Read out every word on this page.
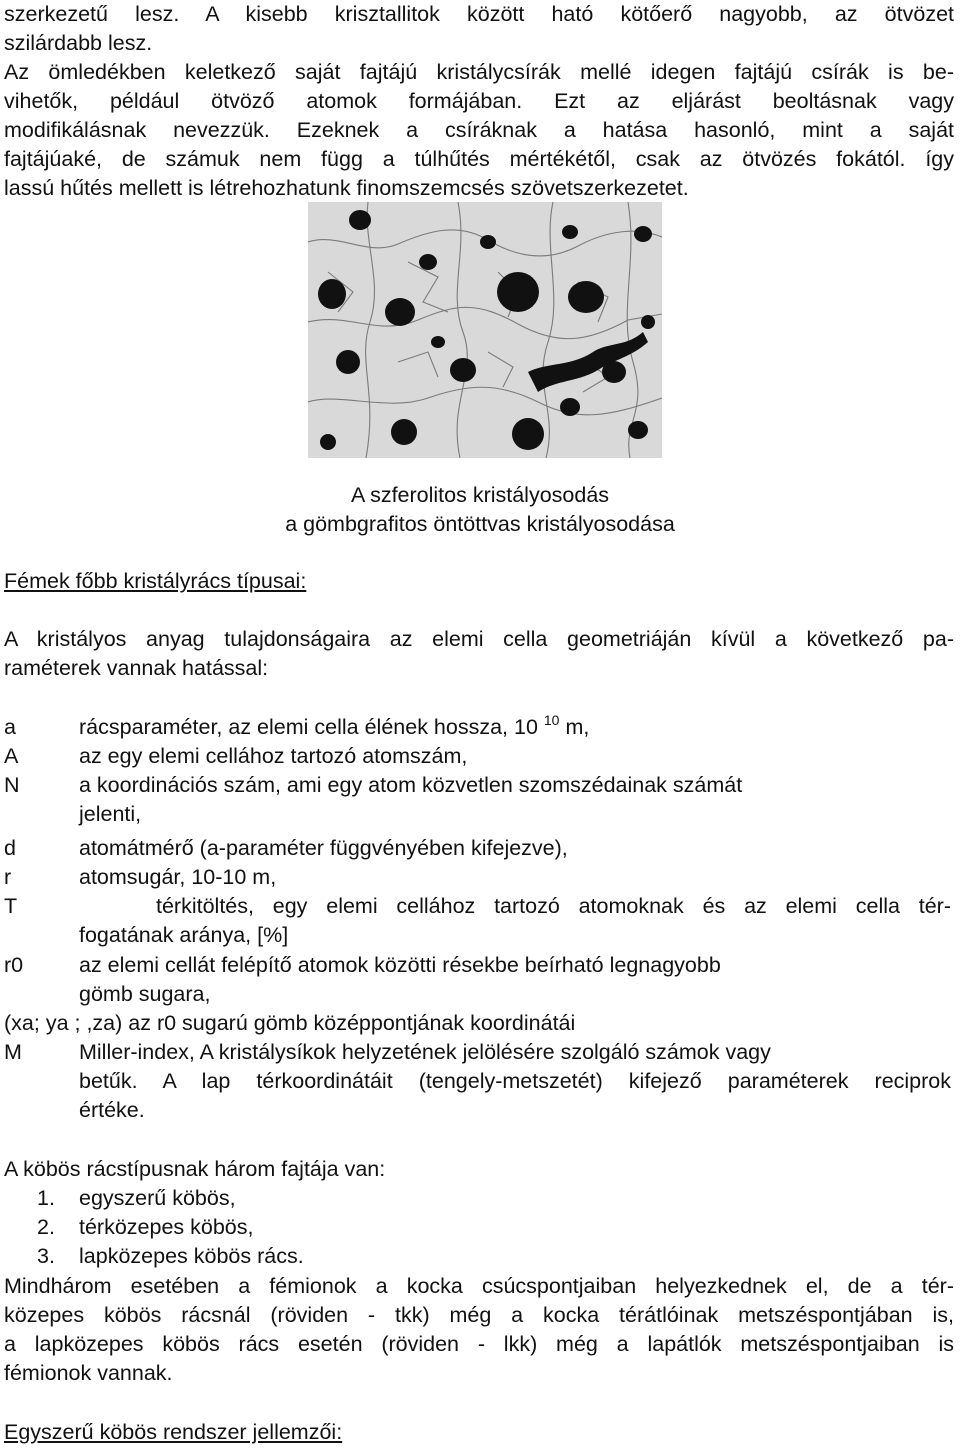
szerkezetű lesz. A kisebb krisztallitok között ható kötőerő nagyobb, az ötvözet
szilárdabb lesz.
Az ömledékben keletkező saját fajtájú kristálycsírák mellé idegen fajtájú csírák is be-
vihetők, például ötvöző atomok formájában. Ezt az eljárást beoltásnak vagy
modifikálásnak nevezzük. Ezeknek a csíráknak a hatása hasonló, mint a saját
fajtájúaké, de számuk nem függ a túlhűtés mértékétől, csak az ötvözés fokától. így
lassú hűtés mellett is létrehozhatunk finomszemcsés szövetszerkezetet.
A szferolitos kristályosodás
a gömbgrafitos öntöttvas kristályosodása
Fémek főbb kristályrács típusai:
A kristályos anyag tulajdonságaira az elemi cella geometriáján kívül a következő pa-
raméterek vannak hatással:
a	rácsparaméter, az elemi cella élének hossza, 10 $^{10}$ m,
A	az egy elemi cellához tartozó atomszám,
N	a koordinációs szám, ami egy atom közvetlen szomszédainak számát
jelenti,
d	atomátmérő (a-paraméter függvényében kifejezve),
r	atomsugár, 10-10 m,
T	térkitöltés, egy elemi cellához tartozó atomoknak és az elemi cella tér-
fogatának aránya, [%]
r0	az elemi cellát felépítő atomok közötti résekbe beírható legnagyobb
gömb sugara,
(xa; ya ; ,za) az r0 sugarú gömb középpontjának koordinátái
M	Miller-index, A kristálysíkok helyzetének jelölésére szolgáló számok vagy
betűk. A lap térkoordinátáit (tengely-metszetét) kifejező paraméterek reciprok
értéke.
A köbös rácstípusnak három fajtája van:
1. egyszerű köbös,
2. térközepes köbös,
3. lapközepes köbös rács.
Mindhárom esetében a fémionok a kocka csúcspontjaiban helyezkednek el, de a tér-
közepes köbös rácsnál (röviden - tkk) még a kocka térátlóinak metszéspontjában is,
a lapközepes köbös rács esetén (röviden - lkk) még a lapátlók metszéspontjaiban is
fémionok vannak.
Egyszerű köbös rendszer jellemzői:
